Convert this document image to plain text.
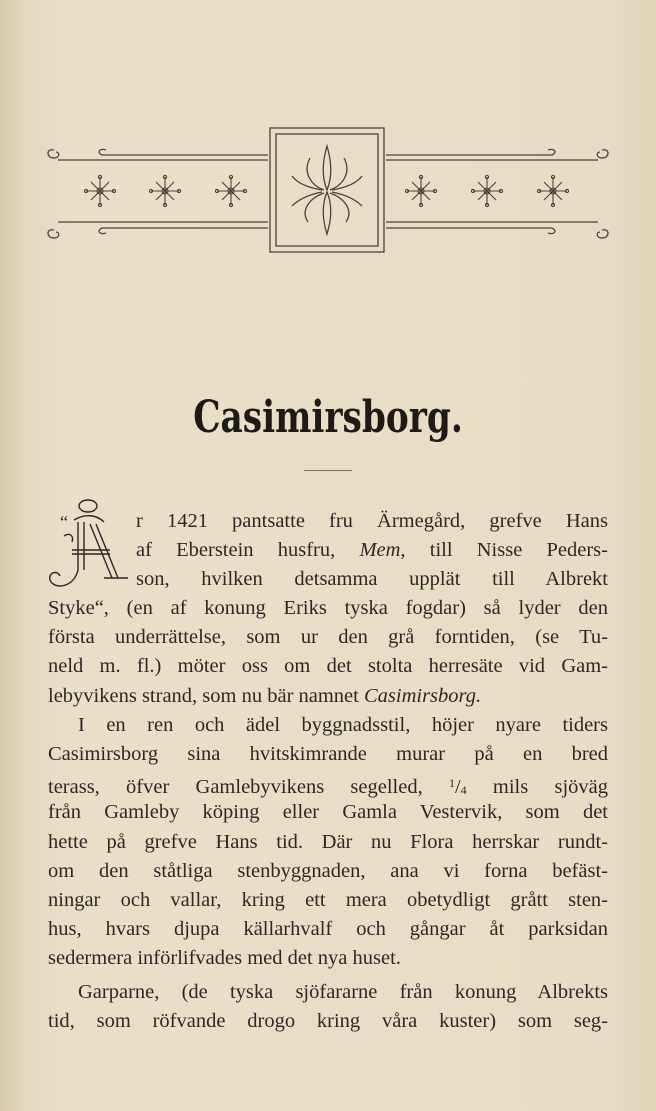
Casimirsborg.
Å
“	r 1421 pantsatte fru Ärmegård, grefve Hans
af Eberstein husfru, Mem, till Nisse Peders-
son, hvilken detsamma upplät till Albrekt
Styke“, (en af konung Eriks tyska fogdar) så lyder den
första underrättelse, som ur den grå forntiden, (se Tu-
neld m. fl.) möter oss om det stolta herresäte vid Gam-
lebyvikens strand, som nu bär namnet Casimirsborg.
I en ren och ädel byggnadsstil, höjer nyare tiders
Casimirsborg sina hvitskimrande murar på en bred
terass, öfver Gamlebyvikens segelled, $^1/_4$ mils sjöväg
från Gamleby köping eller Gamla Vestervik, som det
hette på grefve Hans tid. Där nu Flora herrskar rundt-
om den ståtliga stenbyggnaden, ana vi forna befäst-
ningar och vallar, kring ett mera obetydligt grått sten-
hus, hvars djupa källarhvalf och gångar åt parksidan
sedermera införlifvades med det nya huset.
Garparne, (de tyska sjöfararne från konung Albrekts
tid, som röfvande drogo kring våra kuster) som seg-
